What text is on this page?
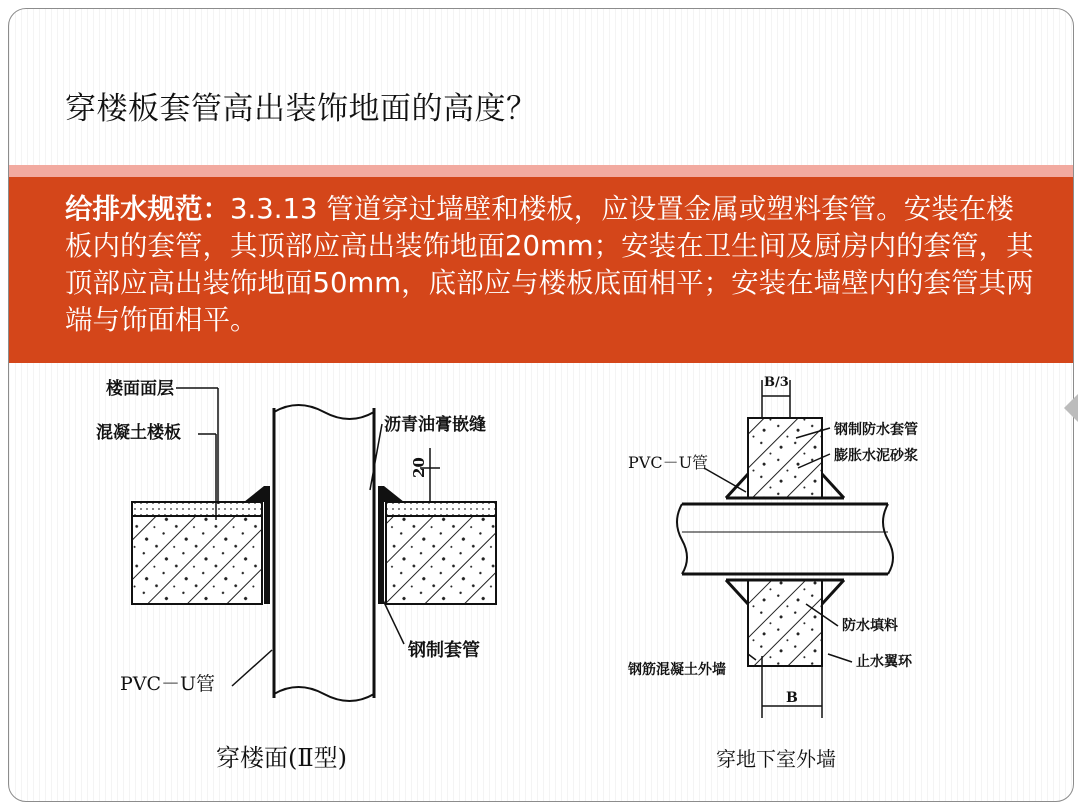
穿楼板套管高出装饰地面的高度？

给排水规范：3.3.13 管道穿过墙壁和楼板，应设置金属或塑料套管。安装在楼板内的套管，其顶部应高出装饰地面20mm；安装在卫生间及厨房内的套管，其顶部应高出装饰地面50mm，底部应与楼板底面相平；安装在墙壁内的套管其两端与饰面相平。

楼面面层
混凝土楼板	沥青油膏嵌缝
20
钢制套管
PVC－U管
穿楼面(Ⅱ型)
B/3
钢制防水套管
膨胀水泥砂浆
PVC－U管
防水填料
钢筋混凝土外墙	止水翼环
B
穿地下室外墙
